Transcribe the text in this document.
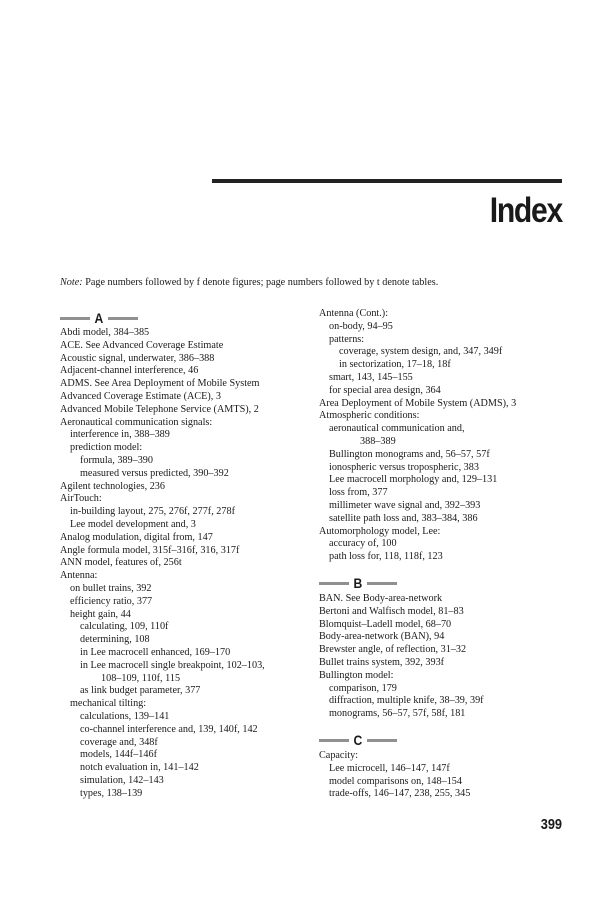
Index
Note: Page numbers followed by f denote figures; page numbers followed by t denote tables.
A
Abdi model, 384–385
ACE. See Advanced Coverage Estimate
Acoustic signal, underwater, 386–388
Adjacent-channel interference, 46
ADMS. See Area Deployment of Mobile System
Advanced Coverage Estimate (ACE), 3
Advanced Mobile Telephone Service (AMTS), 2
Aeronautical communication signals:
interference in, 388–389
prediction model:
formula, 389–390
measured versus predicted, 390–392
Agilent technologies, 236
AirTouch:
in-building layout, 275, 276f, 277f, 278f
Lee model development and, 3
Analog modulation, digital from, 147
Angle formula model, 315f–316f, 316, 317f
ANN model, features of, 256t
Antenna:
on bullet trains, 392
efficiency ratio, 377
height gain, 44
calculating, 109, 110f
determining, 108
in Lee macrocell enhanced, 169–170
in Lee macrocell single breakpoint, 102–103,
108–109, 110f, 115
as link budget parameter, 377
mechanical tilting:
calculations, 139–141
co-channel interference and, 139, 140f, 142
coverage and, 348f
models, 144f–146f
notch evaluation in, 141–142
simulation, 142–143
types, 138–139
Antenna (Cont.):
on-body, 94–95
patterns:
coverage, system design, and, 347, 349f
in sectorization, 17–18, 18f
smart, 143, 145–155
for special area design, 364
Area Deployment of Mobile System (ADMS), 3
Atmospheric conditions:
aeronautical communication and,
388–389
Bullington monograms and, 56–57, 57f
ionospheric versus tropospheric, 383
Lee macrocell morphology and, 129–131
loss from, 377
millimeter wave signal and, 392–393
satellite path loss and, 383–384, 386
Automorphology model, Lee:
accuracy of, 100
path loss for, 118, 118f, 123
B
BAN. See Body-area-network
Bertoni and Walfisch model, 81–83
Blomquist–Ladell model, 68–70
Body-area-network (BAN), 94
Brewster angle, of reflection, 31–32
Bullet trains system, 392, 393f
Bullington model:
comparison, 179
diffraction, multiple knife, 38–39, 39f
monograms, 56–57, 57f, 58f, 181
C
Capacity:
Lee microcell, 146–147, 147f
model comparisons on, 148–154
trade-offs, 146–147, 238, 255, 345
399
